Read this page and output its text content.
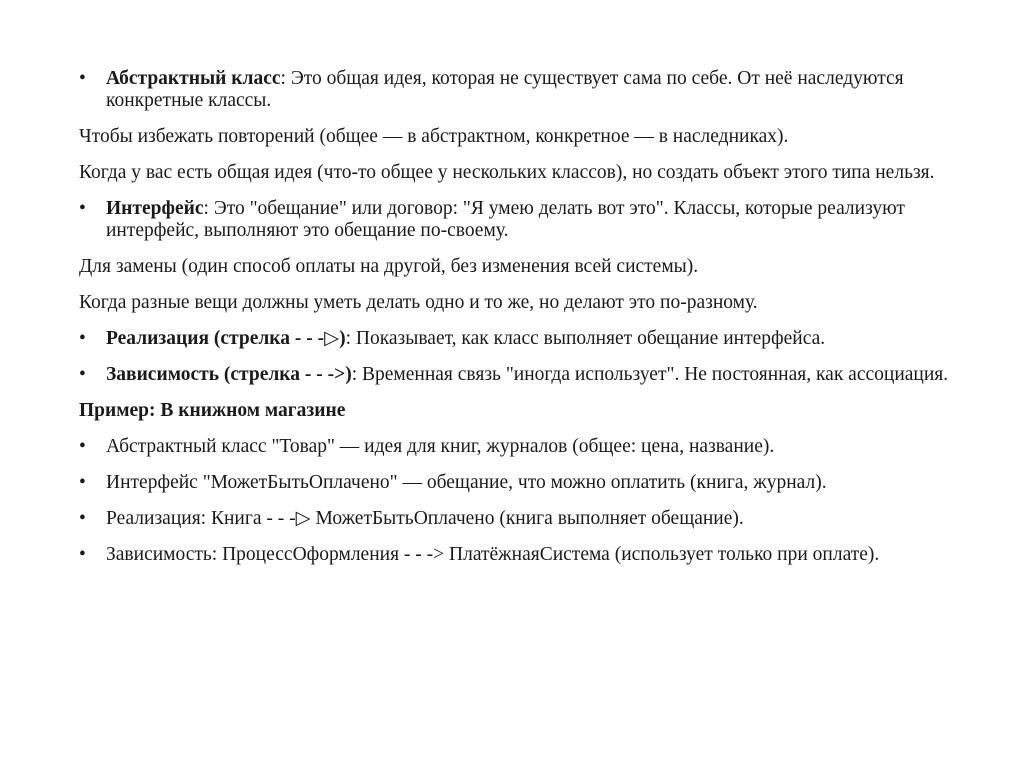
• Абстрактный класс: Это общая идея, которая не существует сама по себе. От неё наследуются конкретные классы.
Чтобы избежать повторений (общее — в абстрактном, конкретное — в наследниках).
Когда у вас есть общая идея (что-то общее у нескольких классов), но создать объект этого типа нельзя.
• Интерфейс: Это "обещание" или договор: "Я умею делать вот это". Классы, которые реализуют интерфейс, выполняют это обещание по-своему.
Для замены (один способ оплаты на другой, без изменения всей системы).
Когда разные вещи должны уметь делать одно и то же, но делают это по-разному.
• Реализация (стрелка - - -▷): Показывает, как класс выполняет обещание интерфейса.
• Зависимость (стрелка - - ->): Временная связь "иногда использует". Не постоянная, как ассоциация.
Пример: В книжном магазине
• Абстрактный класс "Товар" — идея для книг, журналов (общее: цена, название).
• Интерфейс "МожетБытьОплачено" — обещание, что можно оплатить (книга, журнал).
• Реализация: Книга - - -▷ МожетБытьОплачено (книга выполняет обещание).
• Зависимость: ПроцессОформления - - -> ПлатёжнаяСистема (использует только при оплате).
